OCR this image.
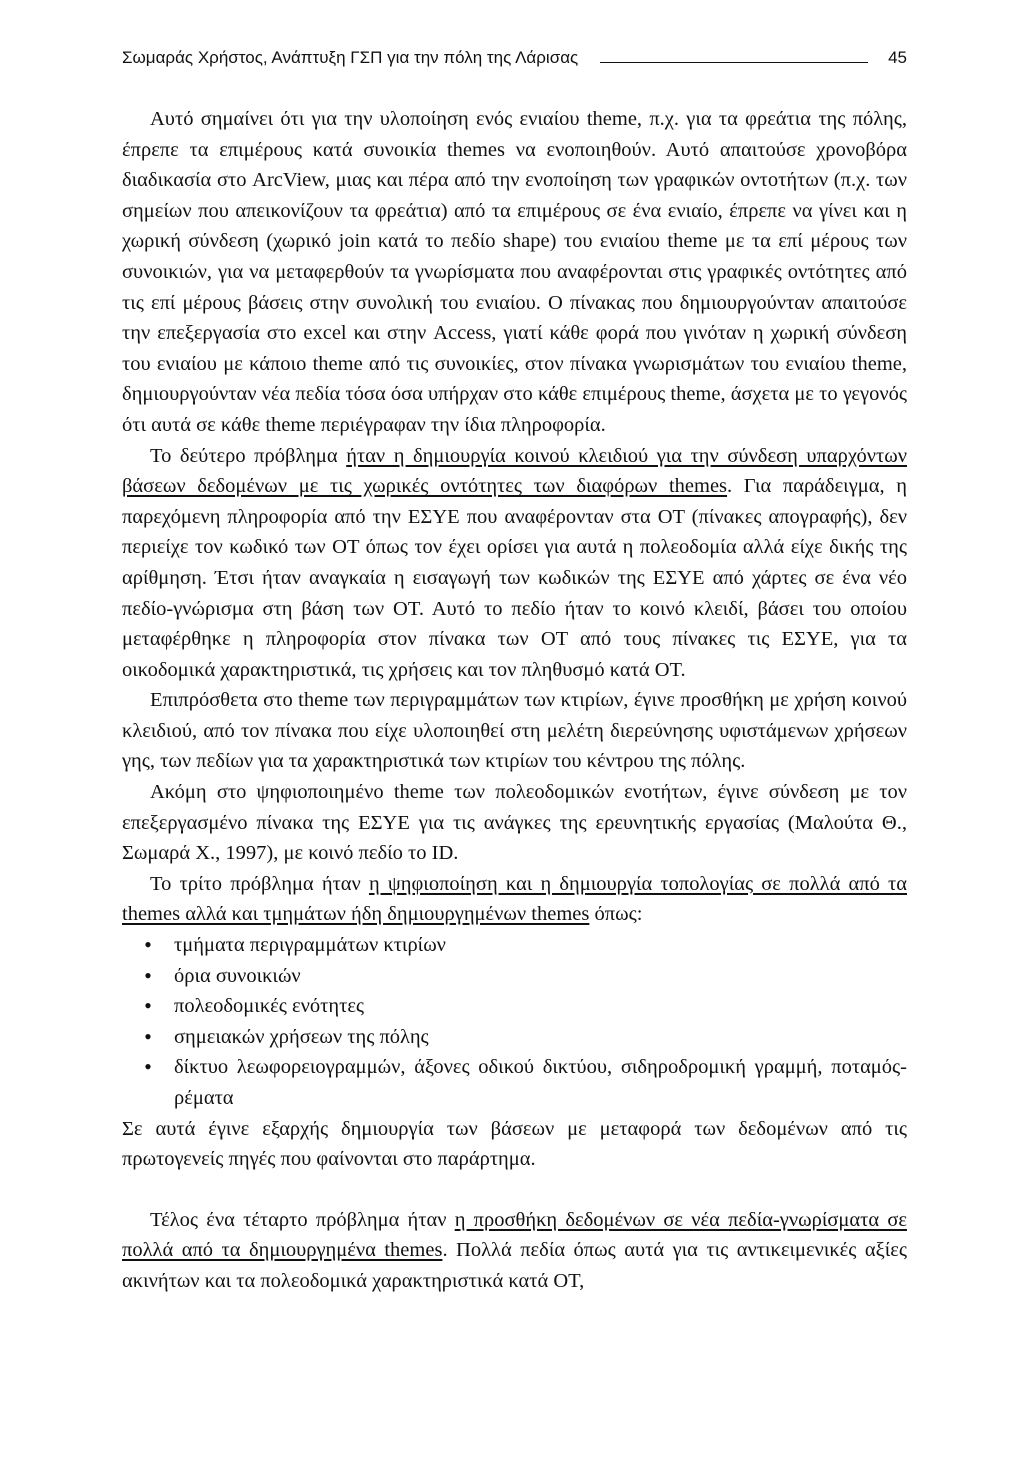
Σωμαράς Χρήστος, Ανάπτυξη ΓΣΠ για την πόλη της Λάρισας	45

Αυτό σημαίνει ότι για την υλοποίηση ενός ενιαίου theme, π.χ. για τα φρεάτια της πόλης, έπρεπε τα επιμέρους κατά συνοικία themes να ενοποιηθούν. Αυτό απαιτούσε χρονοβόρα διαδικασία στο ArcView, μιας και πέρα από την ενοποίηση των γραφικών οντοτήτων (π.χ. των σημείων που απεικονίζουν τα φρεάτια) από τα επιμέρους σε ένα ενιαίο, έπρεπε να γίνει και η χωρική σύνδεση (χωρικό join κατά το πεδίο shape) του ενιαίου theme με τα επί μέρους των συνοικιών, για να μεταφερθούν τα γνωρίσματα που αναφέρονται στις γραφικές οντότητες από τις επί μέρους βάσεις στην συνολική του ενιαίου. Ο πίνακας που δημιουργούνταν απαιτούσε την επεξεργασία στο excel και στην Access, γιατί κάθε φορά που γινόταν η χωρική σύνδεση του ενιαίου με κάποιο theme από τις συνοικίες, στον πίνακα γνωρισμάτων του ενιαίου theme, δημιουργούνταν νέα πεδία τόσα όσα υπήρχαν στο κάθε επιμέρους theme, άσχετα με το γεγονός ότι αυτά σε κάθε theme περιέγραφαν την ίδια πληροφορία.

Το δεύτερο πρόβλημα ήταν η δημιουργία κοινού κλειδιού για την σύνδεση υπαρχόντων βάσεων δεδομένων με τις χωρικές οντότητες των διαφόρων themes. Για παράδειγμα, η παρεχόμενη πληροφορία από την ΕΣΥΕ που αναφέρονταν στα ΟΤ (πίνακες απογραφής), δεν περιείχε τον κωδικό των ΟΤ όπως τον έχει ορίσει για αυτά η πολεοδομία αλλά είχε δικής της αρίθμηση. Έτσι ήταν αναγκαία η εισαγωγή των κωδικών της ΕΣΥΕ από χάρτες σε ένα νέο πεδίο-γνώρισμα στη βάση των ΟΤ. Αυτό το πεδίο ήταν το κοινό κλειδί, βάσει του οποίου μεταφέρθηκε η πληροφορία στον πίνακα των ΟΤ από τους πίνακες τις ΕΣΥΕ, για τα οικοδομικά χαρακτηριστικά, τις χρήσεις και τον πληθυσμό κατά ΟΤ.

Επιπρόσθετα στο theme των περιγραμμάτων των κτιρίων, έγινε προσθήκη με χρήση κοινού κλειδιού, από τον πίνακα που είχε υλοποιηθεί στη μελέτη διερεύνησης υφιστάμενων χρήσεων γης, των πεδίων για τα χαρακτηριστικά των κτιρίων του κέντρου της πόλης.

Ακόμη στο ψηφιοποιημένο theme των πολεοδομικών ενοτήτων, έγινε σύνδεση με τον επεξεργασμένο πίνακα της ΕΣΥΕ για τις ανάγκες της ερευνητικής εργασίας (Μαλούτα Θ., Σωμαρά Χ., 1997), με κοινό πεδίο το ID.

Το τρίτο πρόβλημα ήταν η ψηφιοποίηση και η δημιουργία τοπολογίας σε πολλά από τα themes αλλά και τμημάτων ήδη δημιουργημένων themes όπως:

• τμήματα περιγραμμάτων κτιρίων
• όρια συνοικιών
• πολεοδομικές ενότητες
• σημειακών χρήσεων της πόλης
• δίκτυο λεωφορειογραμμών, άξονες οδικού δικτύου, σιδηροδρομική γραμμή, ποταμός-ρέματα

Σε αυτά έγινε εξαρχής δημιουργία των βάσεων με μεταφορά των δεδομένων από τις πρωτογενείς πηγές που φαίνονται στο παράρτημα.

Τέλος ένα τέταρτο πρόβλημα ήταν η προσθήκη δεδομένων σε νέα πεδία-γνωρίσματα σε πολλά από τα δημιουργημένα themes. Πολλά πεδία όπως αυτά για τις αντικειμενικές αξίες ακινήτων και τα πολεοδομικά χαρακτηριστικά κατά ΟΤ,
